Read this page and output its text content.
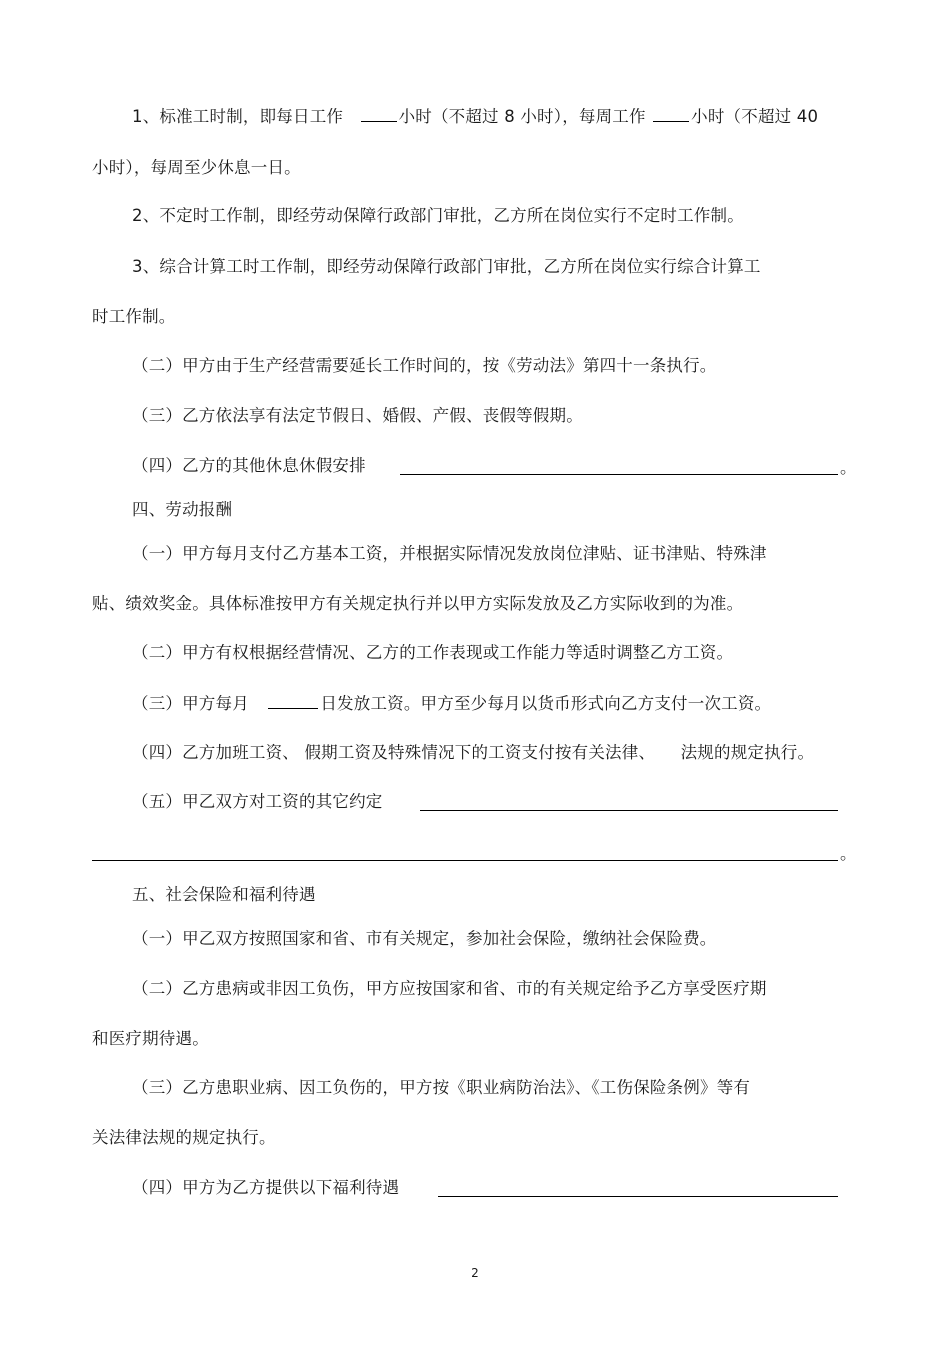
1、标准工时制，即每日工作	小时（不超过 8 小时），每周工作	小时（不超过 40
小时），每周至少休息一日。
2、不定时工作制，即经劳动保障行政部门审批，乙方所在岗位实行不定时工作制。
3、综合计算工时工作制，即经劳动保障行政部门审批，乙方所在岗位实行综合计算工
时工作制。
（二）甲方由于生产经营需要延长工作时间的，按《劳动法》第四十一条执行。
（三）乙方依法享有法定节假日、婚假、产假、丧假等假期。
（四）乙方的其他休息休假安排	。
四、劳动报酬
（一）甲方每月支付乙方基本工资，并根据实际情况发放岗位津贴、证书津贴、特殊津
贴、绩效奖金。具体标准按甲方有关规定执行并以甲方实际发放及乙方实际收到的为准。
（二）甲方有权根据经营情况、乙方的工作表现或工作能力等适时调整乙方工资。
（三）甲方每月	日发放工资。甲方至少每月以货币形式向乙方支付一次工资。
（四）乙方加班工资、 假期工资及特殊情况下的工资支付按有关法律、 法规的规定执行。
（五）甲乙双方对工资的其它约定
。
五、社会保险和福利待遇
（一）甲乙双方按照国家和省、市有关规定，参加社会保险，缴纳社会保险费。
（二）乙方患病或非因工负伤，甲方应按国家和省、市的有关规定给予乙方享受医疗期
和医疗期待遇。
（三）乙方患职业病、因工负伤的，甲方按《职业病防治法》、《工伤保险条例》等有
关法律法规的规定执行。
（四）甲方为乙方提供以下福利待遇
2
